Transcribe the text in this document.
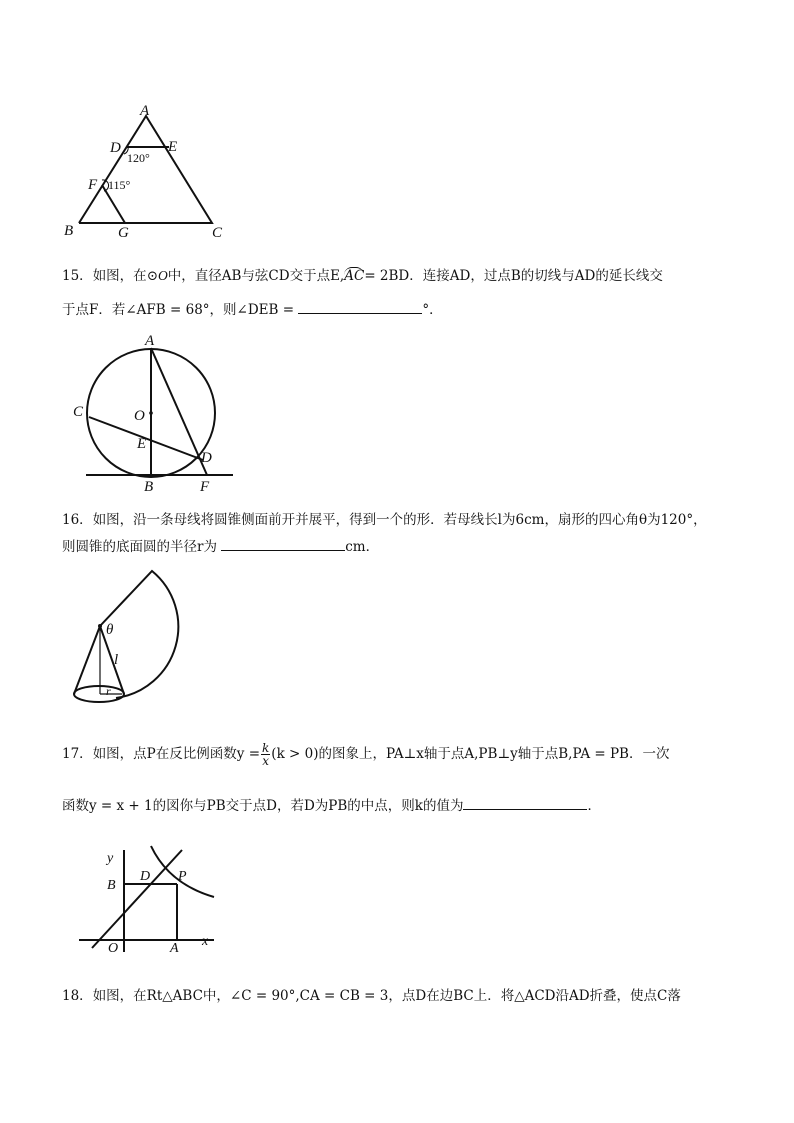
A
D	E
120°
F 115°
B	G	C
15．如图，在⊙O中，直径AB与弦CD交于点E,AC= 2BD．连接AD，过点B的切线与AD的延长线交
于点F．若∠AFB = 68°，则∠DEB =	°．
A
O
C
E
D
B	F
16．如图，沿一条母线将圆锥侧面前开并展平，得到一个的形．若母线长l为6cm，扇形的四心角θ为120°，
则圆锥的底面圆的半径r为	cm．
θ
l
r
17．如图，点P在反比例函数$y = \frac{k}{x} (k > 0)$的图象上，PA⊥x轴于点A,PB⊥y轴于点B,PA = PB．一次
函数y = x + 1的図你与PB交于点D，若D为PB的中点，则k的值为	．
y
x
B
D P
O	A
18．如图，在Rt△ABC中，∠C = 90°,CA = CB = 3，点D在边BC上．将△ACD沿AD折叠，使点C落
